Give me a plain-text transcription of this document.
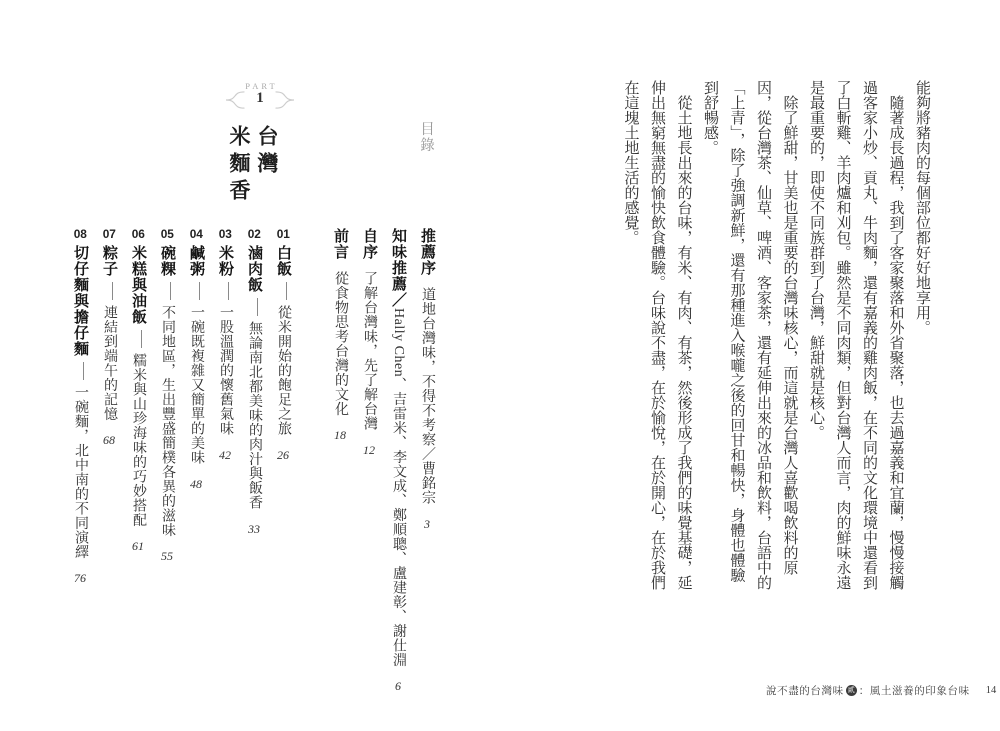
目錄
PART
1
台灣
米麵香
推薦序道地台灣味，不得不考察／曹銘宗3
知味推薦／Hally Chen、吉雷米、李文成、鄭順聰、盧建彰、謝仕淵6
自序了解台灣味，先了解台灣12
前言從食物思考台灣的文化18
01白飯從米開始的飽足之旅26
02滷肉飯無論南北都美味的肉汁與飯香33
03米粉一股溫潤的懷舊氣味42
04鹹粥一碗既複雜又簡單的美味48
05碗粿不同地區，生出豐盛簡樸各異的滋味55
06米糕與油飯糯米與山珍海味的巧妙搭配61
07粽子連結到端午的記憶68
08切仔麵與擔仔麵一碗麵，北中南的不同演繹76

能夠將豬肉的每個部位都好好地享用。

隨著成長過程，我到了客家聚落和外省聚落，也去過嘉義和宜蘭，慢慢接觸過客家小炒、貢丸、牛肉麵，還有嘉義的雞肉飯，在不同的文化環境中還看到了白斬雞、羊肉爐和刈包。雖然是不同肉類，但對台灣人而言，肉的鮮味永遠是最重要的，即使不同族群到了台灣，鮮甜就是核心。

除了鮮甜，甘美也是重要的台灣味核心，而這就是台灣人喜歡喝飲料的原因，從台灣茶、仙草、啤酒、客家茶，還有延伸出來的冰品和飲料，台語中的「上青」，除了強調新鮮，還有那種進入喉嚨之後的回甘和暢快，身體也體驗到舒暢感。

從土地長出來的台味，有米、有肉、有茶，然後形成了我們的味覺基礎，延伸出無窮無盡的愉快飲食體驗。台味說不盡，在於愉悅，在於開心，在於我們在這塊土地生活的感覺。

說不盡的台灣味 貳 ：風土滋養的印象台味 14
